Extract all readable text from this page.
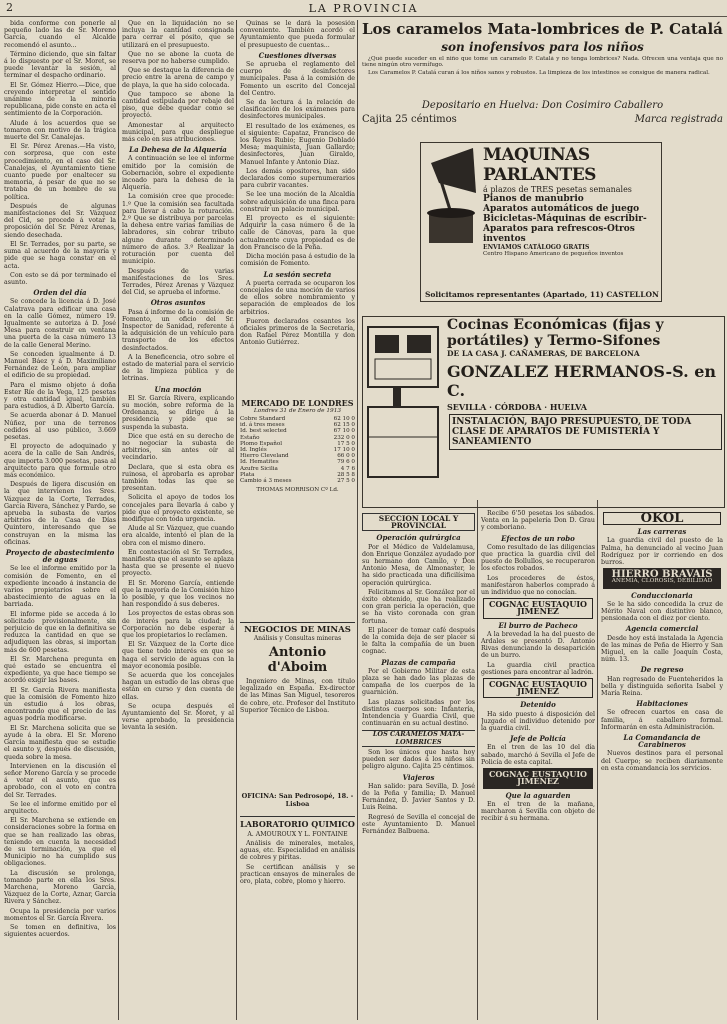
2	LA PROVINCIA

bida conforme con ponerle al pequeño lado las de Sr. Moreno García, cuando el Alcalde recomendó el asunto...

Término diciendo, que sin faltar á lo dispuesto por el Sr. Moret, se puede levantar la sesión, al terminar el despacho ordinario.

El Sr. Gómez Hierro.—Dice, que creyendo interpretar el sentido unánime de la minoría republicana, pide conste en acta el sentimiento de la Corporación.

Alude á los acuerdos que se tomaron con motivo de la trágica muerte del Sr. Canalejas.

El Sr. Pérez Arenas.—Ha visto, con sorpresa, que con este procedimiento, en el caso del Sr. Canalejas, el Ayuntamiento tiene cuanto puede por enaltecer su memoria, á pesar de que no se trataba de un hombre de su política.

Después de algunas manifestaciones del Sr. Vázquez del Cid, se procede á votar la proposición del Sr. Pérez Arenas, siendo desechada.

El Sr. Terrades, por su parte, se suma al acuerdo de la mayoría y pide que se haga constar en el acta.

Con esto se dá por terminado el asunto.

Orden del día

Se concede la licencia á D. José Calatrava para edificar una casa en la calle Gómez, número 19. Igualmente se autoriza á D. José Mesa para construir en ventana una puerta de la casa número 13 de la calle General Merino.

Se conceden igualmente á D. Manuel Báez y á D. Maximiliano Fernández de León, para ampliar el edificio de su propiedad.

Para el mismo objeto á doña Ester Ríe de la Vega, 125 pesetas y otra cantidad igual, también para estudios, á D. Alberto García.

Se acuerda abonar á D. Manuel Núñez, por una de terrenos cedidos al uso público, 3.669 pesetas.

El proyecto de adoquinado y acera de la calle de San Andrés, que importa 3.000 pesetas, pasa al arquitecto para que formule otro más económico.

Después de ligera discusión en la que intervienen los Sres. Vázquez de la Corte, Terrades, García Rivera, Sánchez y Pardo, se aprueba la subasta de varios arbitrios de la Casa de Días Quintero, interesando que se construyan en la misma las oficinas.

Proyecto de abastecimiento de aguas

Se lee el informe emitido por la comisión de Fomento, en el expediente incoado á instancia de varios propietarios sobre el abastecimiento de aguas en la barriada.

El informe pide se acceda á lo solicitado provisionalmente, sin perjuicio de que en la definitiva se reduzca la cantidad en que se adjudiquen las obras, si importan más de 600 pesetas.

El Sr. Marchena pregunta en qué estado se encuentra el expediente, ya que hace tiempo se acordó exigir las bases.

El Sr. García Rivera manifiesta que la comisión de Fomento hizo un estudio á los obras, encontrando que el precio de las aguas podría modificarse.

El Sr. Marchena solicita que se ayude á la obra. El Sr. Moreno García manifiesta que se estudie el asunto y, después de discusión, queda sobre la mesa.

Intervienen en la discusión el señor Moreno García y se procede á votar el asunto, que es aprobado, con el voto en contra del Sr. Terrades.

Se lee el informe emitido por el arquitecto.

El Sr. Marchena se extiende en consideraciones sobre la forma en que se han realizado las obras, teniendo en cuenta la necesidad de su terminación, ya que el Municipio no ha cumplido sus obligaciones.

La discusión se prolonga, tomando parte en ella los Sres. Marchena, Moreno García, Vázquez de la Corte, Aznar, García Rivera y Sánchez.

Ocupa la presidencia por varios momentos el Sr. García Rivera.

Se tomen en definitiva, los siguientes acuerdos.

Que en la liquidación no se incluya la cantidad consignada para cerrar el pósito, que se utilizará en el presupuesto.

Que no se abone la cuota de reserva por no haberse cumplido.

Que se destaque la diferencia de precio entre la arena de campo y de playa, la que ha sido colocada.

Que tampoco se abone la cantidad estipulada por rebaje del piso, que debe quedar como se proyectó.

Amonestar al arquitecto municipal, para que despliegue más celo en sus atribuciones.

La Dehesa de la Alquería

A continuación se lee el informe emitido por la comisión de Gobernación, sobre el expediente incoado para la dehesa de la Alquería.

La comisión cree que procede: 1.º Que la comisión sea facultada para llevar á cabo la roturación. 2.º Que se distribuya por parcelas la dehesa entre varias familias de labradores, sin cobrar tributo alguno durante determinado número de años. 3.º Realizar la roturación por cuenta del municipio.

Después de varias manifestaciones de los Sres. Terrades, Pérez Arenas y Vázquez del Cid, se aprueba el informe.

Otros asuntos

Pasa á informe de la comisión de Fomento, un oficio del Sr. Inspector de Sanidad, referente á la adquisición de un vehículo para transporte de los efectos desinfectados.

A la Beneficencia, otro sobre el estado de material para el servicio de la limpieza pública y de letrinas.

Una moción

El Sr. García Rivera, explicando su moción, sobre reforma de la Ordenanza, se dirige á la presidencia y pide que se suspenda la subasta.

Dice que está en su derecho de no negociar la subasta de arbitrios, sin antes oír al vecindario.

Declara, que si esta obra es ruinosa, el aprobarla es aprobar también todas las que se presentan.

Solicita el apoyo de todos los concejales para llevarla á cabo y pide que el proyecto existente, se modifique con toda urgencia.

Alude al Sr. Vázquez, que cuando era alcalde, intentó el plan de la obra con el mismo dinero.

En contestación el Sr. Terrades, manifiesta que el asunto se aplaza hasta que se presente el nuevo proyecto.

El Sr. Moreno García, entiende que la mayoría de la Comisión hizo lo posible, y que los vecinos no han respondido á sus deberes.

Los proyectos de estas obras son de interés para la ciudad; la Corporación no debe esperar á que los propietarios lo reclamen.

El Sr. Vázquez de la Corte dice que tiene todo interés en que se haga el servicio de aguas con la mayor economía posible.

Se acuerda que los concejales hagan un estudio de las obras que están en curso y den cuenta de ellas.

Se ocupa después el Ayuntamiento del Sr. Moret, y al verse aprobado, la presidencia levanta la sesión.

Quinas se le dará la posesión conveniente. También acordó el Ayuntamiento que pueda formular el presupuesto de cuentas...

Cuestiones diversas

Se aprueba el reglamento del cuerpo de desinfectores municipales. Pasa á la comisión de Fomento un escrito del Concejal del Centro.

Se da lectura á la relación de clasificación de los exámenes para desinfectores municipales.

El resultado de los exámenes, es el siguiente: Capataz, Francisco de los Reyes Rubio; Eugenio Dobladó Mesa; maquinista, Juan Gallardo; desinfectores, Juan Giraldo, Manuel Infante y Antonio Díaz.

Los demás opositores, han sido declarados como supernumerarios para cubrir vacantes.

Se lee una moción de la Alcaldía sobre adquisición de una finca para construir un palacio municipal.

El proyecto es el siguiente: Adquirir la casa número 6 de la calle de Cánovas, para la que actualmente cuya propiedad es de don Francisco de la Peña.

Dicha moción pasa á estudio de la comisión de Fomento.

La sesión secreta

A puerta cerrada se ocuparon los concejales de una moción de varios de ellos sobre nombramiento y separación de empleados de los arbitrios.

Fueron declarados cesantes los oficiales primeros de la Secretaría, don Rafael Pérez Montilla y don Antonio Gutiérrez.

MERCADO DE LONDRES
Londres 31 de Enero de 1913
Cobre Standard	62 10 0
id. á tres meses	62 15 0
Id. best selected	67 10 0
Estaño	232 0 0
Plomo Español	17 5 0
Id. Inglés	17 10 0
Hierro Cleveland	66 0 0
Id. Hematites	79 6 0
Azufre Sicilia	4 7 6
Plata	28 5 8
Cambio á 3 meses	27 5 0
THOMAS MORRISON Cº Ld.
NEGOCIOS DE MINAS
Análisis y Consultas mineras
Antonio d'Aboim

Ingeniero de Minas, con título legalizado en España. Ex-director de las Minas San Miguel, tesoreros de cobre, etc. Profesor del Instituto Superior Técnico de Lisboa.

OFICINA: San Pedrosopé, 18. - Lisboa
LABORATORIO QUIMICO
A. AMOUROUX Y L. FONTAINE

Análisis de minerales, metales, aguas, etc. Especialidad en análisis de cobres y piritas.

Se certifican análisis y se practican ensayos de minerales de oro, plata, cobre, plomo y hierro.

Los caramelos Mata-lombrices de P. Catalá
son inofensivos para los niños

¿Qué puede suceder en el niño que tome un caramelo P. Catalá y no tenga lombrices? Nada. Ofrecen una ventaja que no tiene ningún otro vermífugo.

Los Caramelos P. Catalá curan á los niños sanos y robustos. La limpieza de los intestinos se consigue de manera radical.

Depositario en Huelva: Don Cosimiro Caballero
Cajita 25 céntimos	Marca registrada
MAQUINAS PARLANTES
á plazos de TRES pesetas semanales
Pianos de manubrio
Aparatos automáticos de juego
Bicicletas-Máquinas de escribir-Aparatos para refrescos-Otros inventos
ENVIAMOS CATÁLOGO GRATIS
Centro Hispano Americano de pequeños inventos
Solicitamos representantes (Apartado, 11) CASTELLON
Cocinas Económicas (fijas y portátiles) y Termo-Sifones
DE LA CASA J. CAÑAMERAS, DE BARCELONA
GONZALEZ HERMANOS-S. en C.
SEVILLA · CÓRDOBA · HUELVA
INSTALACIÓN, BAJO PRESUPUESTO, DE TODA CLASE DE APARATOS DE FUMISTERÍA Y SANEAMIENTO
SECCION LOCAL Y PROVINCIAL
Operación quirúrgica

Por el Médico de Valdelamusa, don Enrique González ayudado por su hermano don Camilo, y Don Antonio Mesa, de Almonaster, le ha sido practicada una dificilísima operación quirúrgica.

Felicitamos al Sr. González por el éxito obtenido, que ha realizado con gran pericia la operación, que se ha visto coronada con gran fortuna.

El placer de tomar café después de la comida deja de ser placer si le falta la compañía de un buen cognac.

Plazas de campaña

Por el Gobierno Militar de esta plaza se han dado las plazas de campaña de los cuerpos de la guarnición.

Las plazas solicitadas por los distintos cuerpos son: Infantería, Intendencia y Guardia Civil, que continuarán en su actual destino.

LOS CARAMELOS MATA-LOMBRICES

Son los únicos que hasta hoy pueden ser dados á los niños sin peligro alguno. Cajita 25 céntimos.

Viajeros

Han salido: para Sevilla, D. José de la Peña y familia; D. Manuel Fernández, D. Javier Santos y D. Luis Reina.

Regresó de Sevilla el concejal de este Ayuntamiento D. Manuel Fernández Balbuena.

Recibe 6'50 pesetas los sábados. Venta en la papelería Don D. Grau y comboriano.

Efectos de un robo

Como resultado de las diligencias que practica la guardia civil del puesto de Bollullos, se recuperaron los efectos robados.

Los procederes de éstos, manifestaron haberlos comprado á un individuo que no conocían.

COGNAC EUSTAQUIO JIMENEZ
El burro de Pacheco

A la brevedad la ha del puesto de Ardales se presentó D. Antonio Rivas denunciando la desaparición de un burro.

La guardia civil practica gestiones para encontrar al ladrón.

COGNAC EUSTAQUIO JIMENEZ
Detenido

Ha sido puesto á disposición del Juzgado el individuo detenido por la guardia civil.

Jefe de Policía

En el tren de las 10 del día sabado, marchó á Sevilla el Jefe de Policía de esta capital.

COGNAC EUSTAQUIO JIMENEZ
Que la aguarden

En el tren de la mañana, marcharon á Sevilla con objeto de recibir á su hermana.

OKOL
Las carreras

La guardia civil del puesto de la Palma, ha denunciado al vecino Juan Rodríguez por ir corriendo en dos burros.

HIERRO BRAVAIS
ANEMIA, CLOROSIS, DEBILIDAD
Conduccionaria

Se le ha sido concedida la cruz de Mérito Naval con distintivo blanco, pensionada con el diez por ciento.

Agencia comercial

Desde hoy está instalada la Agencia de las minas de Peña de Hierro y San Miguel, en la calle Joaquín Costa, núm. 13.

De regreso

Han regresado de Fuenteheridos la bella y distinguida señorita Isabel y María Reina.

Habitaciones

Se ofrecen cuartos en casa de familia, á caballero formal. Informarán en esta Administración.

La Comandancia de Carabineros

Nuevos destinos para el personal del Cuerpo; se reciben diariamente en esta comandancia los servicios.
